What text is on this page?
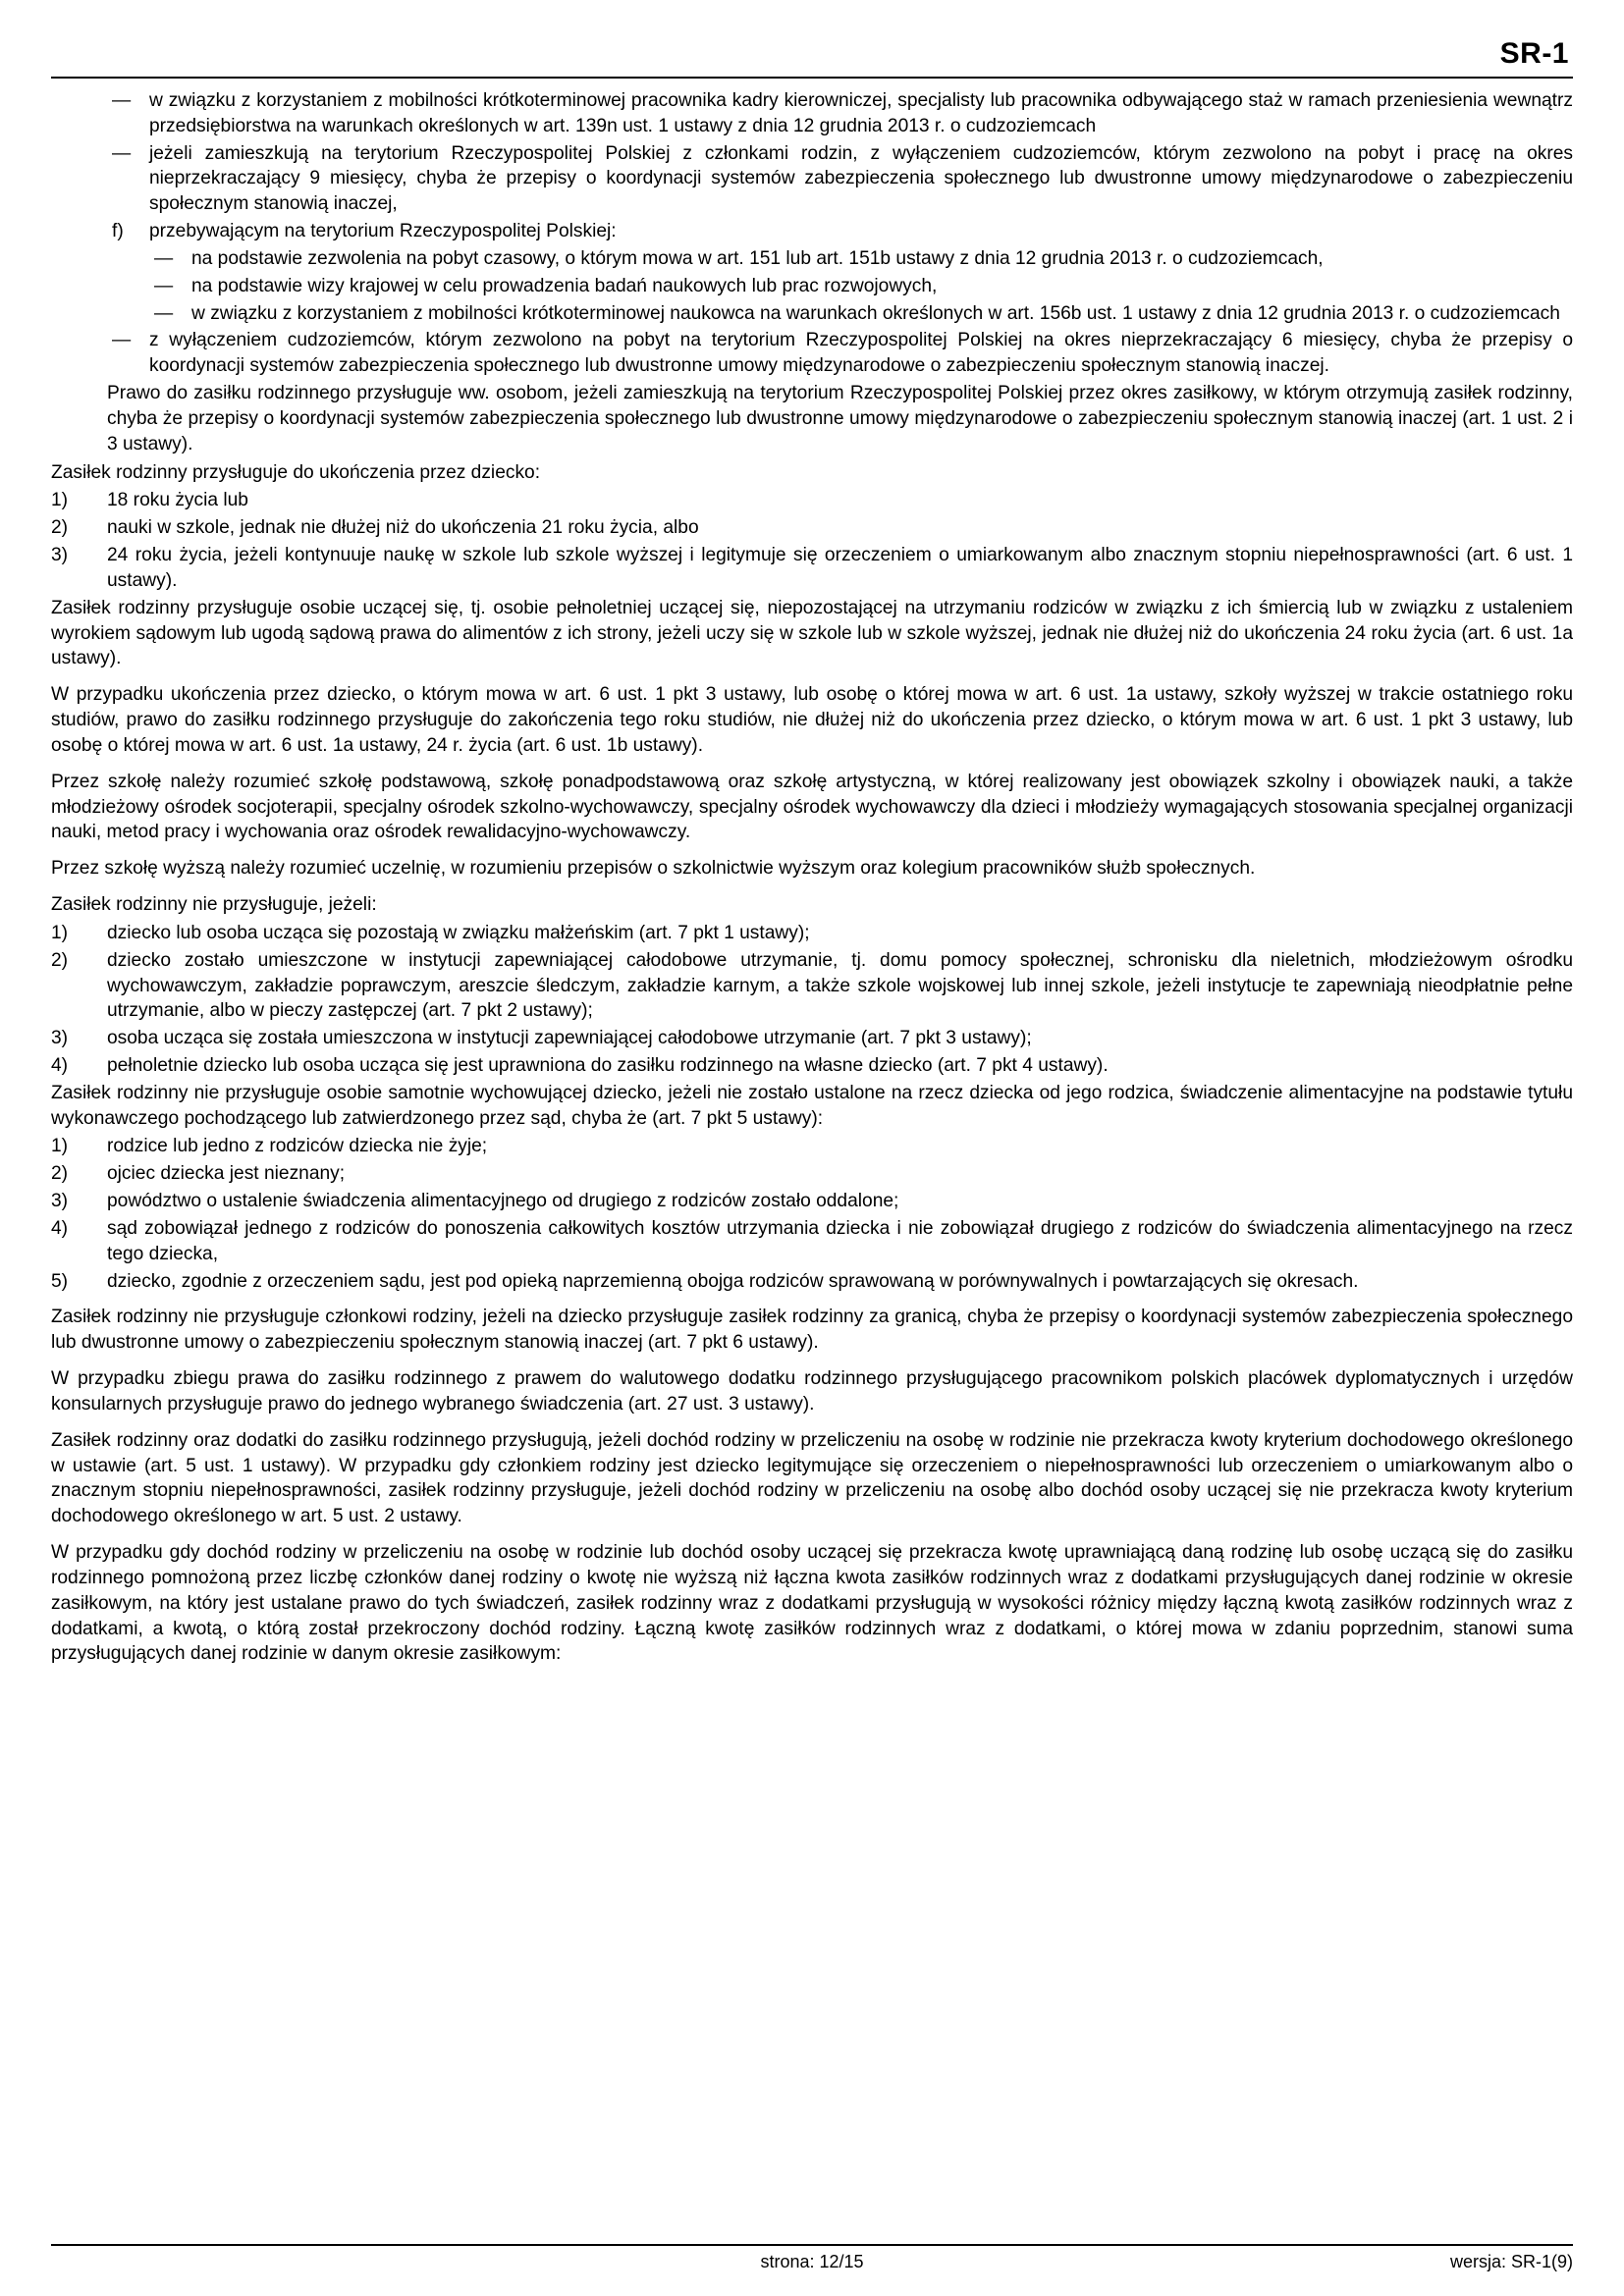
SR-1
— w związku z korzystaniem z mobilności krótkoterminowej pracownika kadry kierowniczej, specjalisty lub pracownika odbywającego staż w ramach przeniesienia wewnątrz przedsiębiorstwa na warunkach określonych w art. 139n ust. 1 ustawy z dnia 12 grudnia 2013 r. o cudzoziemcach
— jeżeli zamieszkują na terytorium Rzeczypospolitej Polskiej z członkami rodzin, z wyłączeniem cudzoziemców, którym zezwolono na pobyt i pracę na okres nieprzekraczający 9 miesięcy, chyba że przepisy o koordynacji systemów zabezpieczenia społecznego lub dwustronne umowy międzynarodowe o zabezpieczeniu społecznym stanowią inaczej,
f) przebywającym na terytorium Rzeczypospolitej Polskiej:
— na podstawie zezwolenia na pobyt czasowy, o którym mowa w art. 151 lub art. 151b ustawy z dnia 12 grudnia 2013 r. o cudzoziemcach,
— na podstawie wizy krajowej w celu prowadzenia badań naukowych lub prac rozwojowych,
— w związku z korzystaniem z mobilności krótkoterminowej naukowca na warunkach określonych w art. 156b ust. 1 ustawy z dnia 12 grudnia 2013 r. o cudzoziemcach
— z wyłączeniem cudzoziemców, którym zezwolono na pobyt na terytorium Rzeczypospolitej Polskiej na okres nieprzekraczający 6 miesięcy, chyba że przepisy o koordynacji systemów zabezpieczenia społecznego lub dwustronne umowy międzynarodowe o zabezpieczeniu społecznym stanowią inaczej.

Prawo do zasiłku rodzinnego przysługuje ww. osobom, jeżeli zamieszkują na terytorium Rzeczypospolitej Polskiej przez okres zasiłkowy, w którym otrzymują zasiłek rodzinny, chyba że przepisy o koordynacji systemów zabezpieczenia społecznego lub dwustronne umowy międzynarodowe o zabezpieczeniu społecznym stanowią inaczej (art. 1 ust. 2 i 3 ustawy).

Zasiłek rodzinny przysługuje do ukończenia przez dziecko:

1) 18 roku życia lub
2) nauki w szkole, jednak nie dłużej niż do ukończenia 21 roku życia, albo
3) 24 roku życia, jeżeli kontynuuje naukę w szkole lub szkole wyższej i legitymuje się orzeczeniem o umiarkowanym albo znacznym stopniu niepełnosprawności (art. 6 ust. 1 ustawy).

Zasiłek rodzinny przysługuje osobie uczącej się, tj. osobie pełnoletniej uczącej się, niepozostającej na utrzymaniu rodziców w związku z ich śmiercią lub w związku z ustaleniem wyrokiem sądowym lub ugodą sądową prawa do alimentów z ich strony, jeżeli uczy się w szkole lub w szkole wyższej, jednak nie dłużej niż do ukończenia 24 roku życia (art. 6 ust. 1a ustawy).

W przypadku ukończenia przez dziecko, o którym mowa w art. 6 ust. 1 pkt 3 ustawy, lub osobę o której mowa w art. 6 ust. 1a ustawy, szkoły wyższej w trakcie ostatniego roku studiów, prawo do zasiłku rodzinnego przysługuje do zakończenia tego roku studiów, nie dłużej niż do ukończenia przez dziecko, o którym mowa w art. 6 ust. 1 pkt 3 ustawy, lub osobę o której mowa w art. 6 ust. 1a ustawy, 24 r. życia (art. 6 ust. 1b ustawy).

Przez szkołę należy rozumieć szkołę podstawową, szkołę ponadpodstawową oraz szkołę artystyczną, w której realizowany jest obowiązek szkolny i obowiązek nauki, a także młodzieżowy ośrodek socjoterapii, specjalny ośrodek szkolno-wychowawczy, specjalny ośrodek wychowawczy dla dzieci i młodzieży wymagających stosowania specjalnej organizacji nauki, metod pracy i wychowania oraz ośrodek rewalidacyjno-wychowawczy.

Przez szkołę wyższą należy rozumieć uczelnię, w rozumieniu przepisów o szkolnictwie wyższym oraz kolegium pracowników służb społecznych.

Zasiłek rodzinny nie przysługuje, jeżeli:

1) dziecko lub osoba ucząca się pozostają w związku małżeńskim (art. 7 pkt 1 ustawy);
2) dziecko zostało umieszczone w instytucji zapewniającej całodobowe utrzymanie, tj. domu pomocy społecznej, schronisku dla nieletnich, młodzieżowym ośrodku wychowawczym, zakładzie poprawczym, areszcie śledczym, zakładzie karnym, a także szkole wojskowej lub innej szkole, jeżeli instytucje te zapewniają nieodpłatnie pełne utrzymanie, albo w pieczy zastępczej (art. 7 pkt 2 ustawy);
3) osoba ucząca się została umieszczona w instytucji zapewniającej całodobowe utrzymanie (art. 7 pkt 3 ustawy);
4) pełnoletnie dziecko lub osoba ucząca się jest uprawniona do zasiłku rodzinnego na własne dziecko (art. 7 pkt 4 ustawy).

Zasiłek rodzinny nie przysługuje osobie samotnie wychowującej dziecko, jeżeli nie zostało ustalone na rzecz dziecka od jego rodzica, świadczenie alimentacyjne na podstawie tytułu wykonawczego pochodzącego lub zatwierdzonego przez sąd, chyba że (art. 7 pkt 5 ustawy):

1) rodzice lub jedno z rodziców dziecka nie żyje;
2) ojciec dziecka jest nieznany;
3) powództwo o ustalenie świadczenia alimentacyjnego od drugiego z rodziców zostało oddalone;
4) sąd zobowiązał jednego z rodziców do ponoszenia całkowitych kosztów utrzymania dziecka i nie zobowiązał drugiego z rodziców do świadczenia alimentacyjnego na rzecz tego dziecka,
5) dziecko, zgodnie z orzeczeniem sądu, jest pod opieką naprzemienną obojga rodziców sprawowaną w porównywalnych i powtarzających się okresach.

Zasiłek rodzinny nie przysługuje członkowi rodziny, jeżeli na dziecko przysługuje zasiłek rodzinny za granicą, chyba że przepisy o koordynacji systemów zabezpieczenia społecznego lub dwustronne umowy o zabezpieczeniu społecznym stanowią inaczej (art. 7 pkt 6 ustawy).

W przypadku zbiegu prawa do zasiłku rodzinnego z prawem do walutowego dodatku rodzinnego przysługującego pracownikom polskich placówek dyplomatycznych i urzędów konsularnych przysługuje prawo do jednego wybranego świadczenia (art. 27 ust. 3 ustawy).

Zasiłek rodzinny oraz dodatki do zasiłku rodzinnego przysługują, jeżeli dochód rodziny w przeliczeniu na osobę w rodzinie nie przekracza kwoty kryterium dochodowego określonego w ustawie (art. 5 ust. 1 ustawy). W przypadku gdy członkiem rodziny jest dziecko legitymujące się orzeczeniem o niepełnosprawności lub orzeczeniem o umiarkowanym albo o znacznym stopniu niepełnosprawności, zasiłek rodzinny przysługuje, jeżeli dochód rodziny w przeliczeniu na osobę albo dochód osoby uczącej się nie przekracza kwoty kryterium dochodowego określonego w art. 5 ust. 2 ustawy.

W przypadku gdy dochód rodziny w przeliczeniu na osobę w rodzinie lub dochód osoby uczącej się przekracza kwotę uprawniającą daną rodzinę lub osobę uczącą się do zasiłku rodzinnego pomnożoną przez liczbę członków danej rodziny o kwotę nie wyższą niż łączna kwota zasiłków rodzinnych wraz z dodatkami przysługujących danej rodzinie w okresie zasiłkowym, na który jest ustalane prawo do tych świadczeń, zasiłek rodzinny wraz z dodatkami przysługują w wysokości różnicy między łączną kwotą zasiłków rodzinnych wraz z dodatkami, a kwotą, o którą został przekroczony dochód rodziny. Łączną kwotę zasiłków rodzinnych wraz z dodatkami, o której mowa w zdaniu poprzednim, stanowi suma przysługujących danej rodzinie w danym okresie zasiłkowym:

strona: 12/15	wersja: SR-1(9)
